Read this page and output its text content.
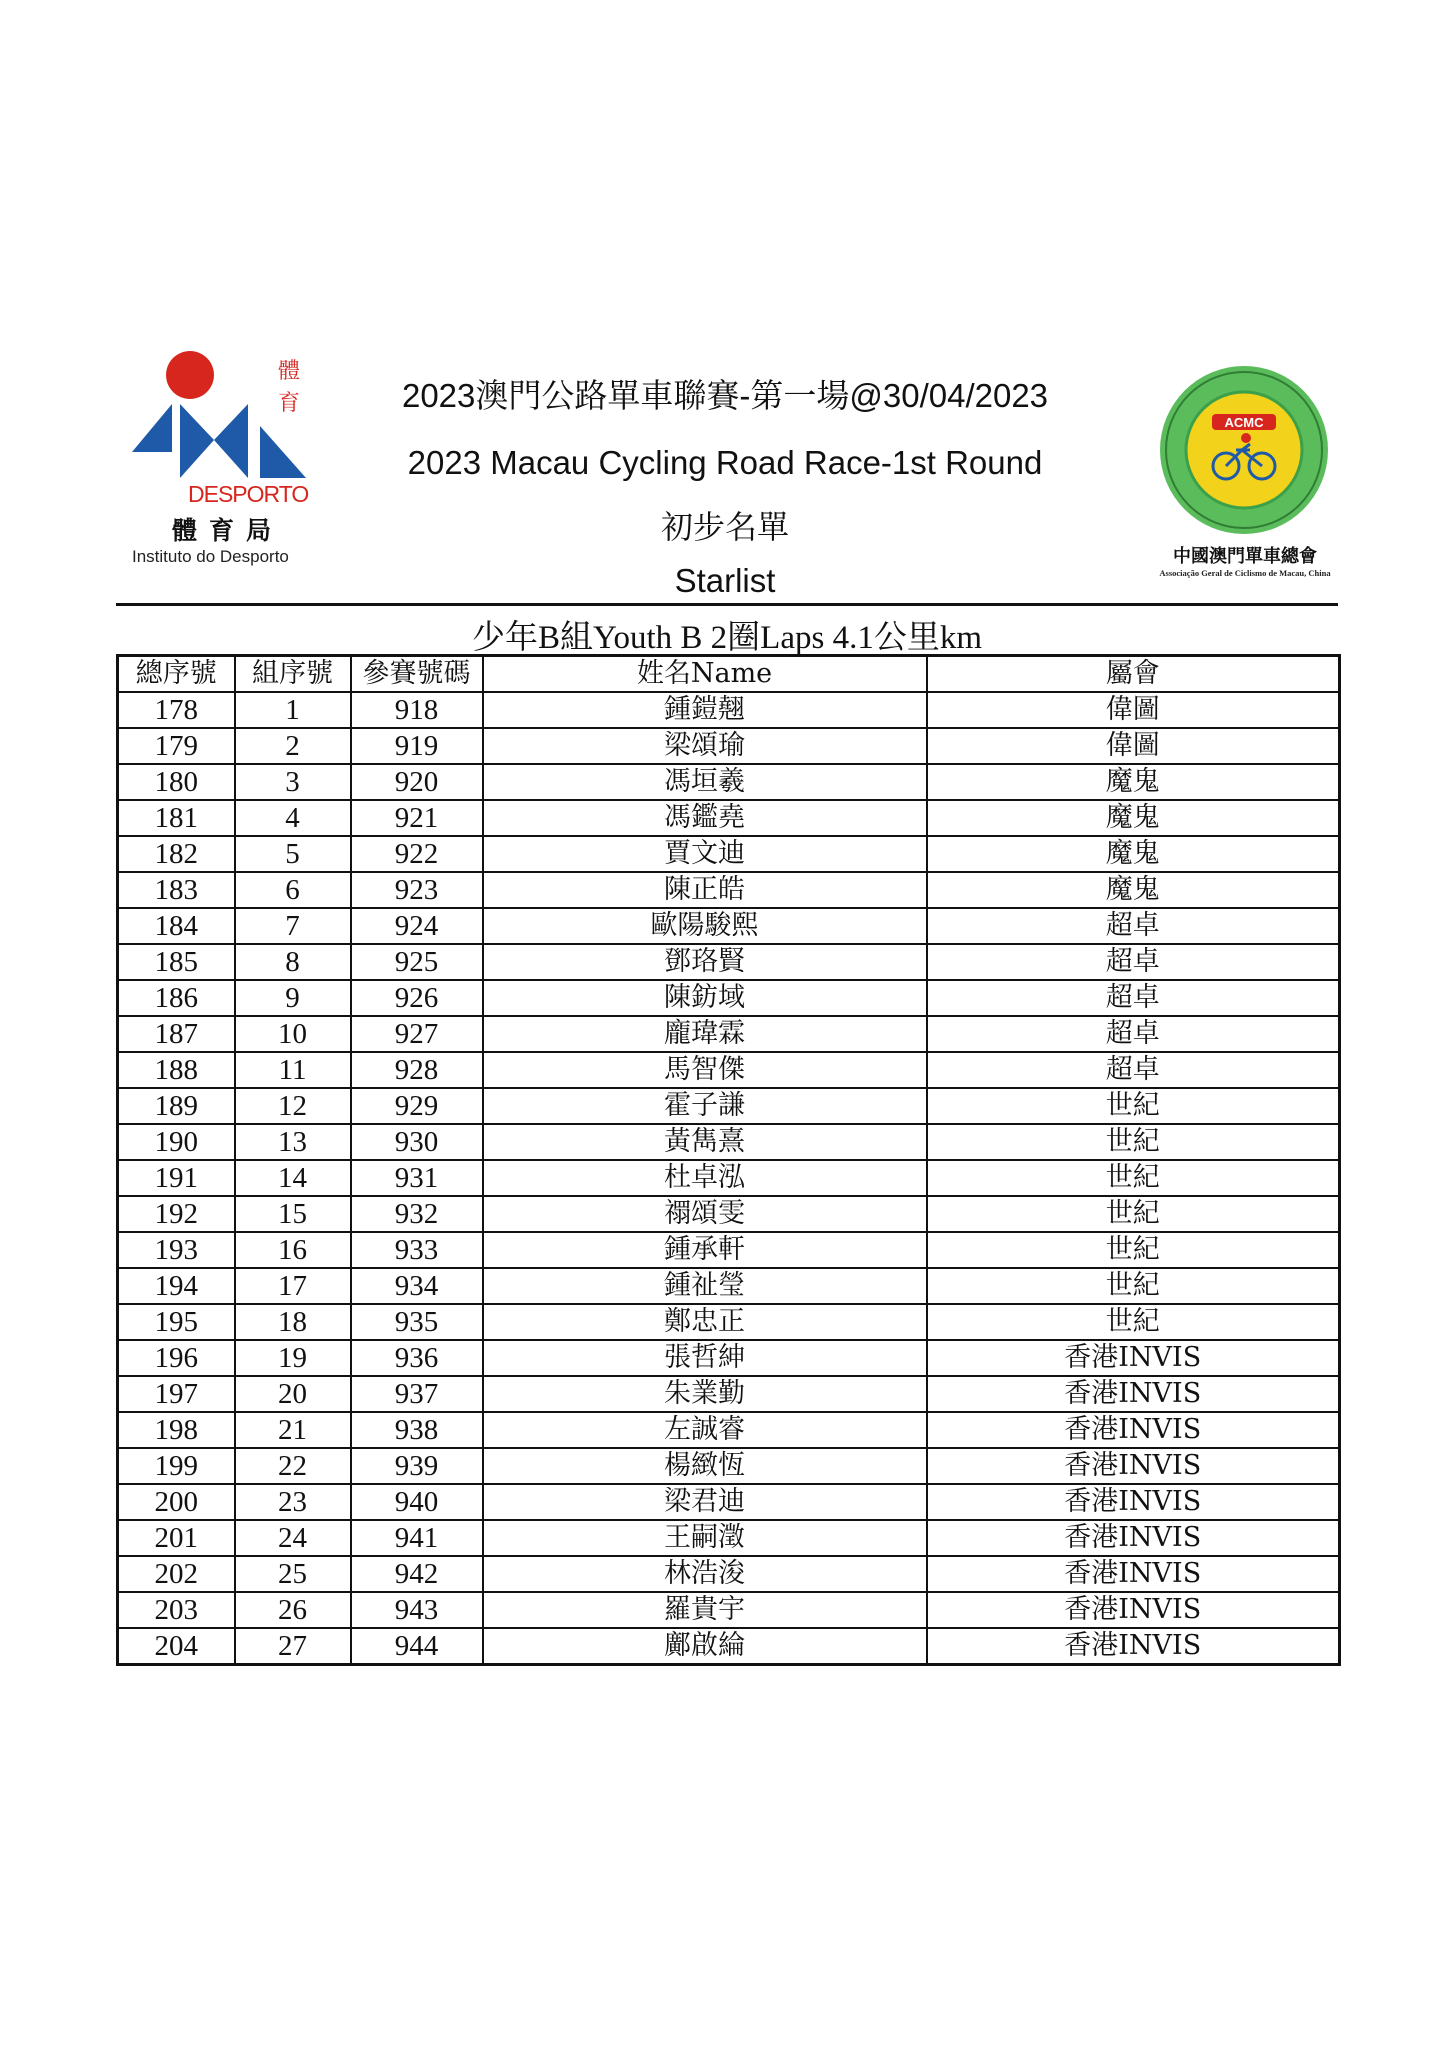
體
育
DESPORTO
體育局
Instituto do Desporto
ACMC
中國澳門單車總會
Associação Geral de Ciclismo de Macau, China
2023澳門公路單車聯賽-第一場@30/04/2023
2023 Macau Cycling Road Race-1st Round
初步名單
Starlist
少年B組Youth B 2圈Laps 4.1公里km
總序號	組序號	參賽號碼	姓名Name	屬會
178	1	918	鍾鎧翹	偉圖
179	2	919	梁頌瑜	偉圖
180	3	920	馮垣羲	魔鬼
181	4	921	馮鑑堯	魔鬼
182	5	922	賈文迪	魔鬼
183	6	923	陳正皓	魔鬼
184	7	924	歐陽駿熙	超卓
185	8	925	鄧珞賢	超卓
186	9	926	陳鈁域	超卓
187	10	927	龐瑋霖	超卓
188	11	928	馬智傑	超卓
189	12	929	霍子謙	世紀
190	13	930	黃雋熹	世紀
191	14	931	杜卓泓	世紀
192	15	932	禤頌雯	世紀
193	16	933	鍾承軒	世紀
194	17	934	鍾祉瑩	世紀
195	18	935	鄭忠正	世紀
196	19	936	張哲紳	香港INVIS
197	20	937	朱業勤	香港INVIS
198	21	938	左誠睿	香港INVIS
199	22	939	楊緻恆	香港INVIS
200	23	940	梁君迪	香港INVIS
201	24	941	王嗣澂	香港INVIS
202	25	942	林浩浚	香港INVIS
203	26	943	羅貴宇	香港INVIS
204	27	944	鄺啟綸	香港INVIS
